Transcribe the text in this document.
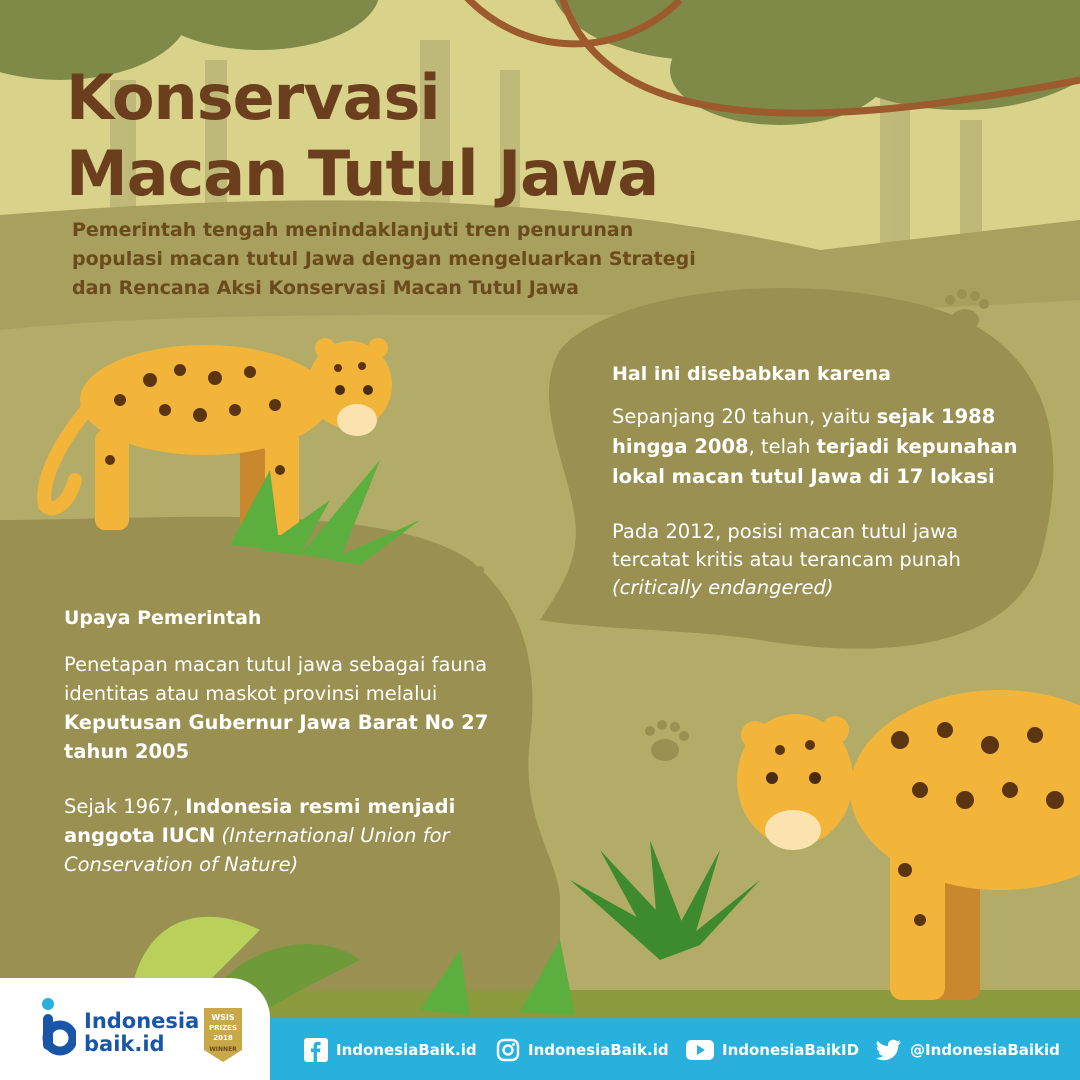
Konservasi
Macan Tutul Jawa

Pemerintah tengah menindaklanjuti tren penurunan populasi macan tutul Jawa dengan mengeluarkan Strategi dan Rencana Aksi Konservasi Macan Tutul Jawa

Hal ini disebabkan karena

Sepanjang 20 tahun, yaitu sejak 1988 hingga 2008, telah terjadi kepunahan lokal macan tutul Jawa di 17 lokasi

Pada 2012, posisi macan tutul jawa tercatat kritis atau terancam punah (critically endangered)

Upaya Pemerintah

Penetapan macan tutul jawa sebagai fauna identitas atau maskot provinsi melalui Keputusan Gubernur Jawa Barat No 27 tahun 2005

Sejak 1967, Indonesia resmi menjadi anggota IUCN (International Union for Conservation of Nature)

Indonesia
baik.id
WSIS
PRIZES
2018
WINNER	IndonesiaBaik.id	IndonesiaBaik.id	IndonesiaBaikID	@IndonesiaBaikid
